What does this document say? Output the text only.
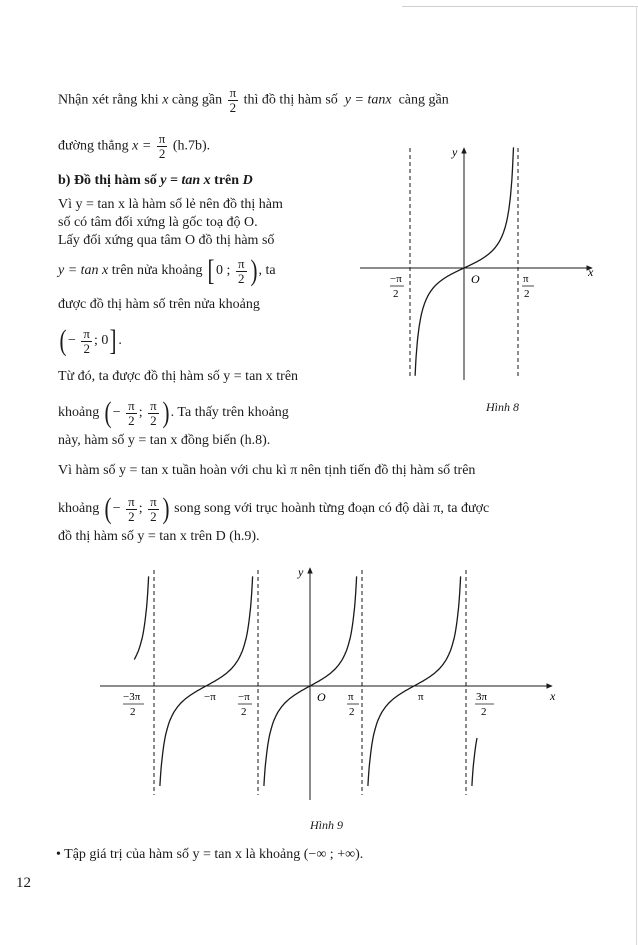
Nhận xét rằng khi x càng gần $\frac{\pi}{2}$ thì đồ thị hàm số y = tanx càng gần
đường thẳng $x = \frac{\pi}{2} (h.7b)$.
b) Đồ thị hàm số y = tan x trên D
Vì y = tan x là hàm số lẻ nên đồ thị hàm
số có tâm đối xứng là gốc toạ độ O.
Lấy đối xứng qua tâm O đồ thị hàm số
y = tan x trên nửa khoảng [ 0 ; $\frac{\pi}{2}$ ) , ta
được đồ thị hàm số trên nửa khoảng
( − $\frac{\pi}{2}$ ; 0] .
Từ đó, ta được đồ thị hàm số y = tan x trên
khoảng ( − $\frac{\pi}{2}$ ; $\frac{\pi}{2}$ ) . Ta thấy trên khoảng
này, hàm số y = tan x đồng biến (h.8).
Vì hàm số y = tan x tuần hoàn với chu kì π nên tịnh tiến đồ thị hàm số trên
khoảng ( − $\frac{\pi}{2}$ ; $\frac{\pi}{2}$ ) song song với trục hoành từng đoạn có độ dài π, ta được
đồ thị hàm số y = tan x trên D (h.9).
y
x
O
−π
2
π
2
Hình 8
y
x
O
−3π
2
−π −π
2
π
2
π	3π
2
Hình 9
• Tập giá trị của hàm số y = tan x là khoảng (−∞ ; +∞).
12
